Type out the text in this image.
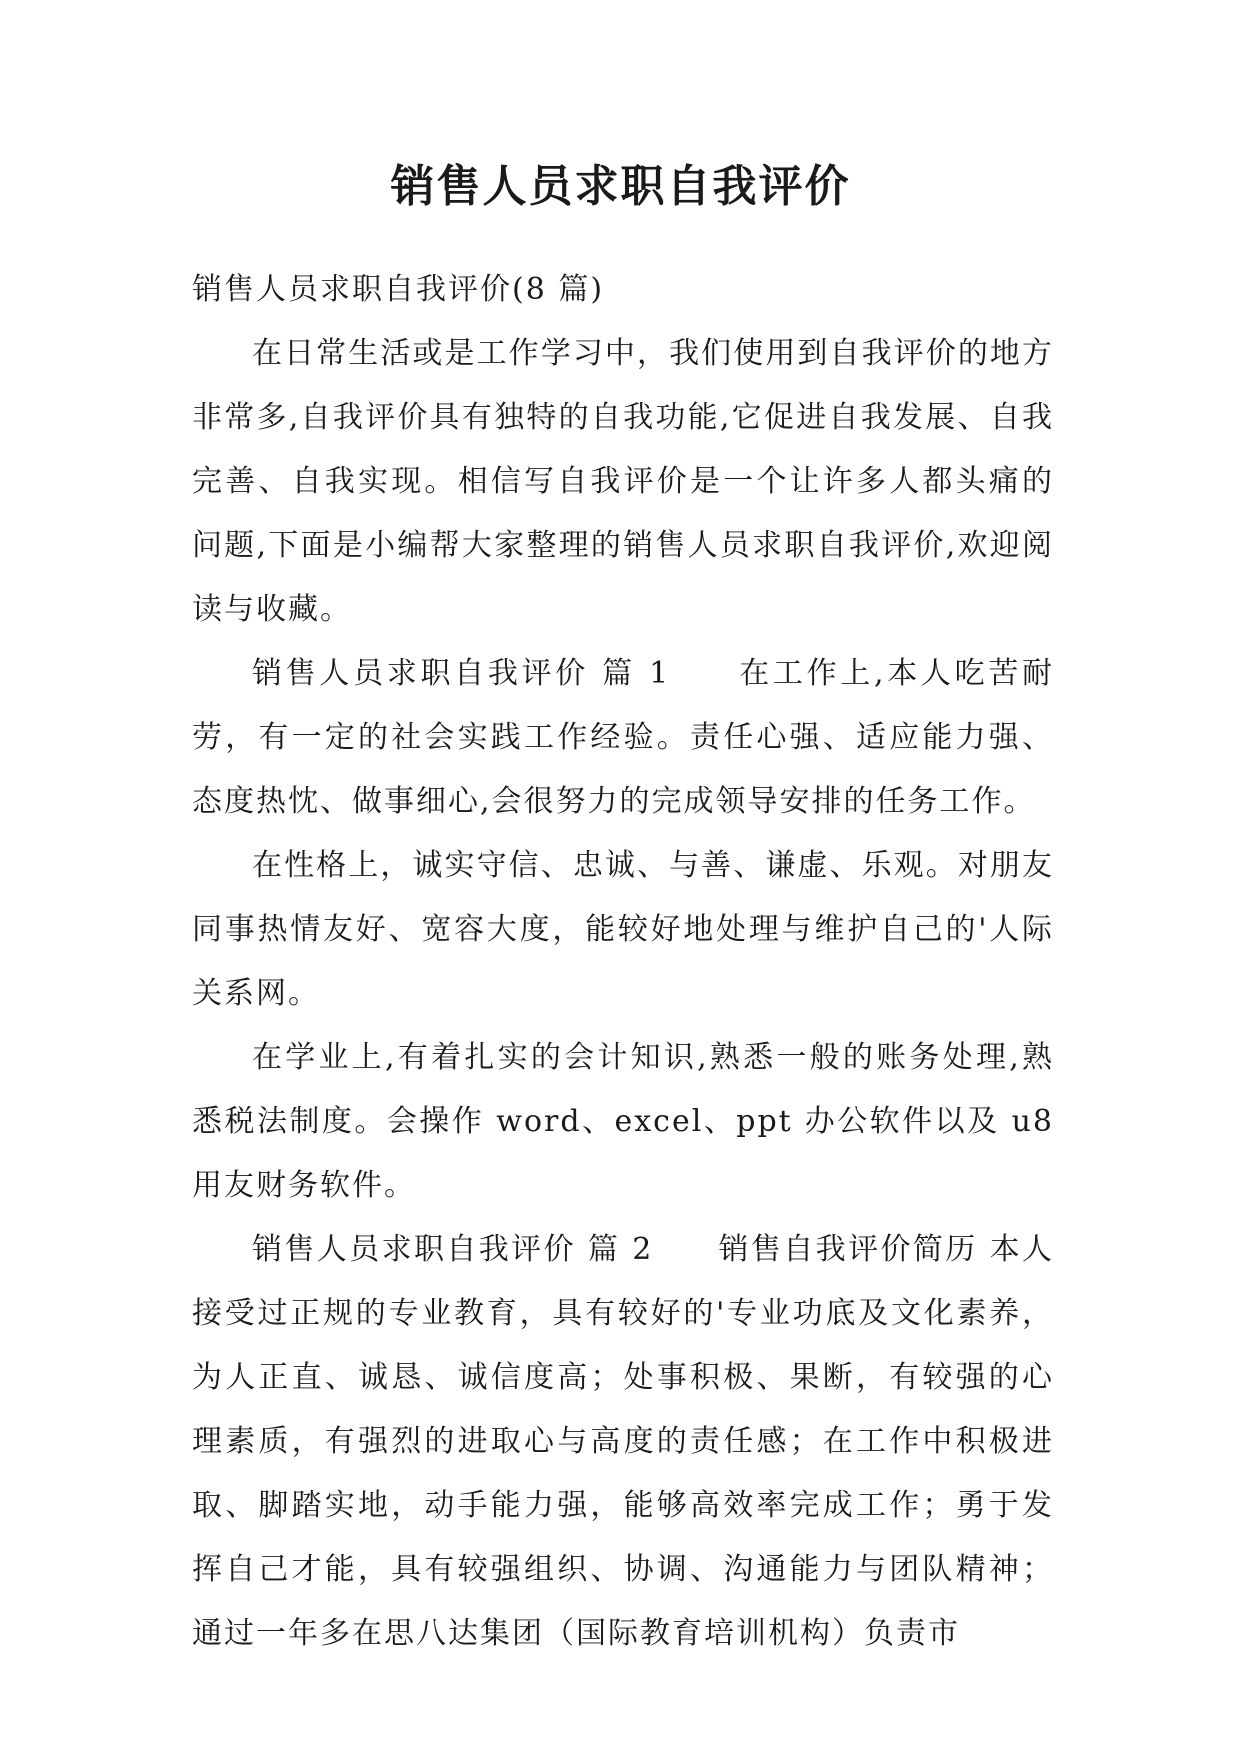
销售人员求职自我评价

销售人员求职自我评价(8 篇)

在日常生活或是工作学习中，我们使用到自我评价的地方非常多,自我评价具有独特的自我功能,它促进自我发展、自我完善、自我实现。相信写自我评价是一个让许多人都头痛的问题,下面是小编帮大家整理的销售人员求职自我评价,欢迎阅读与收藏。

销售人员求职自我评价 篇 1　　在工作上,本人吃苦耐劳，有一定的社会实践工作经验。责任心强、适应能力强、态度热忱、做事细心,会很努力的完成领导安排的任务工作。

在性格上，诚实守信、忠诚、与善、谦虚、乐观。对朋友同事热情友好、宽容大度，能较好地处理与维护自己的'人际关系网。

在学业上,有着扎实的会计知识,熟悉一般的账务处理,熟悉税法制度。会操作 word、excel、ppt 办公软件以及 u8 用友财务软件。

销售人员求职自我评价 篇 2　　销售自我评价简历 本人接受过正规的专业教育，具有较好的'专业功底及文化素养，为人正直、诚恳、诚信度高；处事积极、果断，有较强的心理素质，有强烈的进取心与高度的责任感；在工作中积极进取、脚踏实地，动手能力强，能够高效率完成工作；勇于发挥自己才能，具有较强组织、协调、沟通能力与团队精神；通过一年多在思八达集团（国际教育培训机构）负责市
